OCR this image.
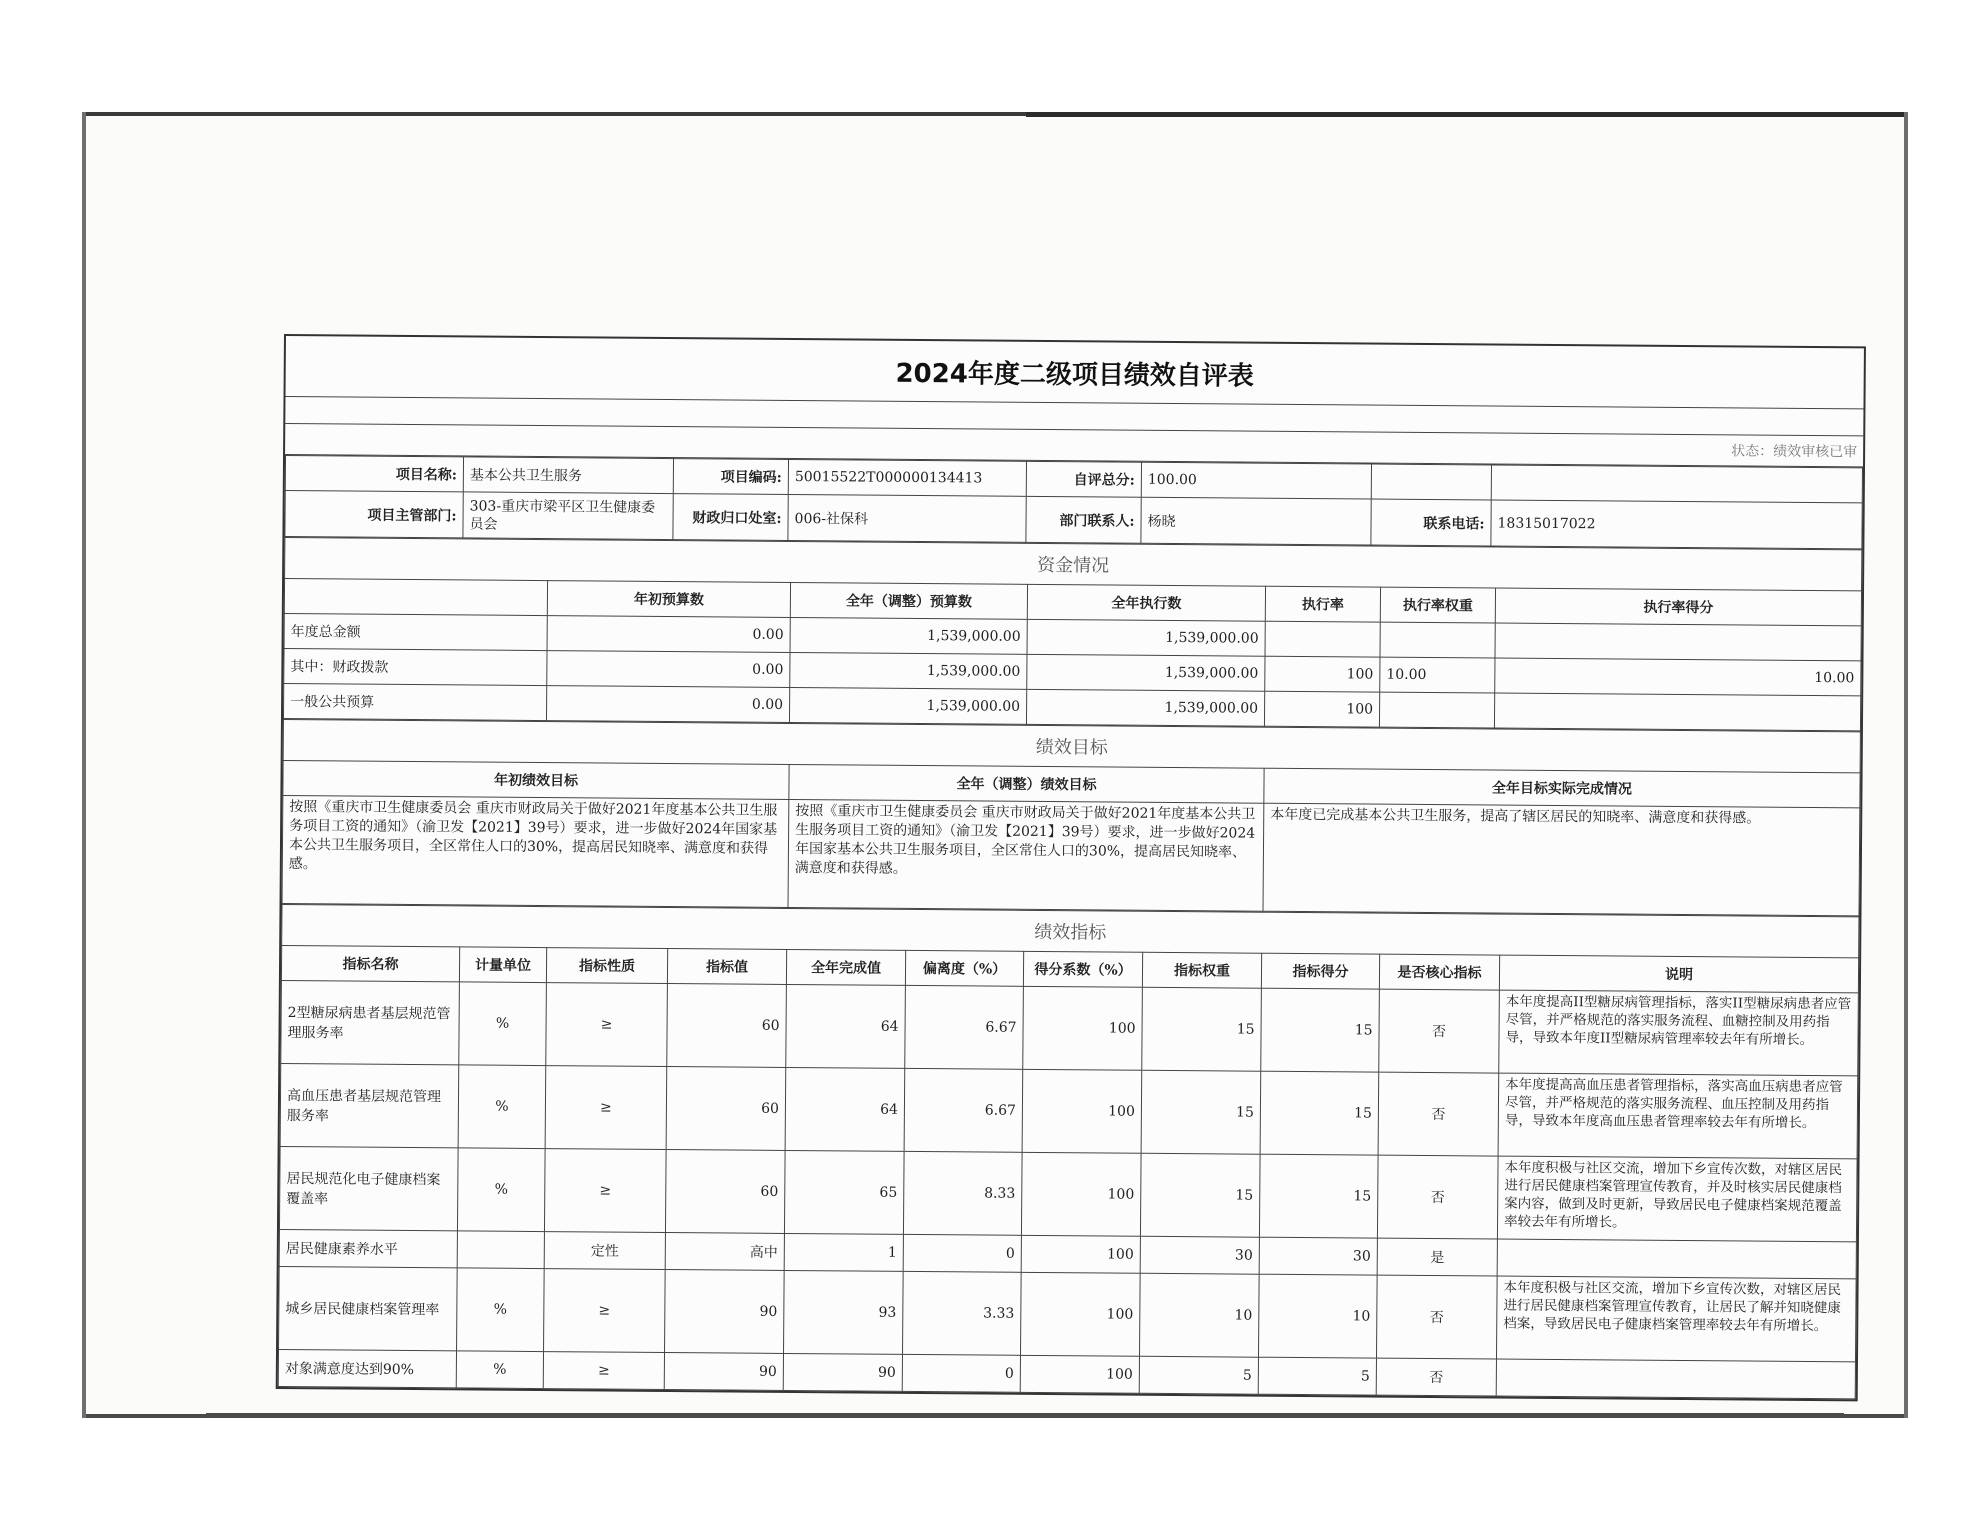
2024年度二级项目绩效自评表

状态：绩效审核已审
项目名称:	基本公共卫生服务	项目编码:	50015522T000000134413	自评总分:	100.00		
项目主管部门:	303-重庆市梁平区卫生健康委员会	财政归口处室:	006-社保科	部门联系人:	杨晓	联系电话:	18315017022
资金情况						
	年初预算数	全年（调整）预算数	全年执行数	执行率	执行率权重	执行率得分
年度总金额	0.00	1,539,000.00	1,539,000.00			
其中：财政拨款	0.00	1,539,000.00	1,539,000.00	100	10.00	10.00
一般公共预算	0.00	1,539,000.00	1,539,000.00	100		
绩效目标		
年初绩效目标	全年（调整）绩效目标	全年目标实际完成情况
按照《重庆市卫生健康委员会 重庆市财政局关于做好2021年度基本公共卫生服务项目工资的通知》（渝卫发【2021】39号）要求，进一步做好2024年国家基本公共卫生服务项目，全区常住人口的30%，提高居民知晓率、满意度和获得感。	按照《重庆市卫生健康委员会 重庆市财政局关于做好2021年度基本公共卫生服务项目工资的通知》（渝卫发【2021】39号）要求，进一步做好2024年国家基本公共卫生服务项目，全区常住人口的30%，提高居民知晓率、满意度和获得感。	本年度已完成基本公共卫生服务，提高了辖区居民的知晓率、满意度和获得感。
绩效指标										
指标名称	计量单位	指标性质	指标值	全年完成值	偏离度（%）	得分系数（%）	指标权重	指标得分	是否核心指标	说明
2型糖尿病患者基层规范管理服务率	%	≥	60	64	6.67	100	15	15	否	本年度提高II型糖尿病管理指标，落实II型糖尿病患者应管尽管，并严格规范的落实服务流程、血糖控制及用药指导，导致本年度II型糖尿病管理率较去年有所增长。
高血压患者基层规范管理服务率	%	≥	60	64	6.67	100	15	15	否	本年度提高高血压患者管理指标，落实高血压病患者应管尽管，并严格规范的落实服务流程、血压控制及用药指导，导致本年度高血压患者管理率较去年有所增长。
居民规范化电子健康档案覆盖率	%	≥	60	65	8.33	100	15	15	否	本年度积极与社区交流，增加下乡宣传次数，对辖区居民进行居民健康档案管理宣传教育，并及时核实居民健康档案内容，做到及时更新，导致居民电子健康档案规范覆盖率较去年有所增长。
居民健康素养水平		定性	高中	1	0	100	30	30	是	
城乡居民健康档案管理率	%	≥	90	93	3.33	100	10	10	否	本年度积极与社区交流，增加下乡宣传次数，对辖区居民进行居民健康档案管理宣传教育，让居民了解并知晓健康档案，导致居民电子健康档案管理率较去年有所增长。
对象满意度达到90%	%	≥	90	90	0	100	5	5	否	
